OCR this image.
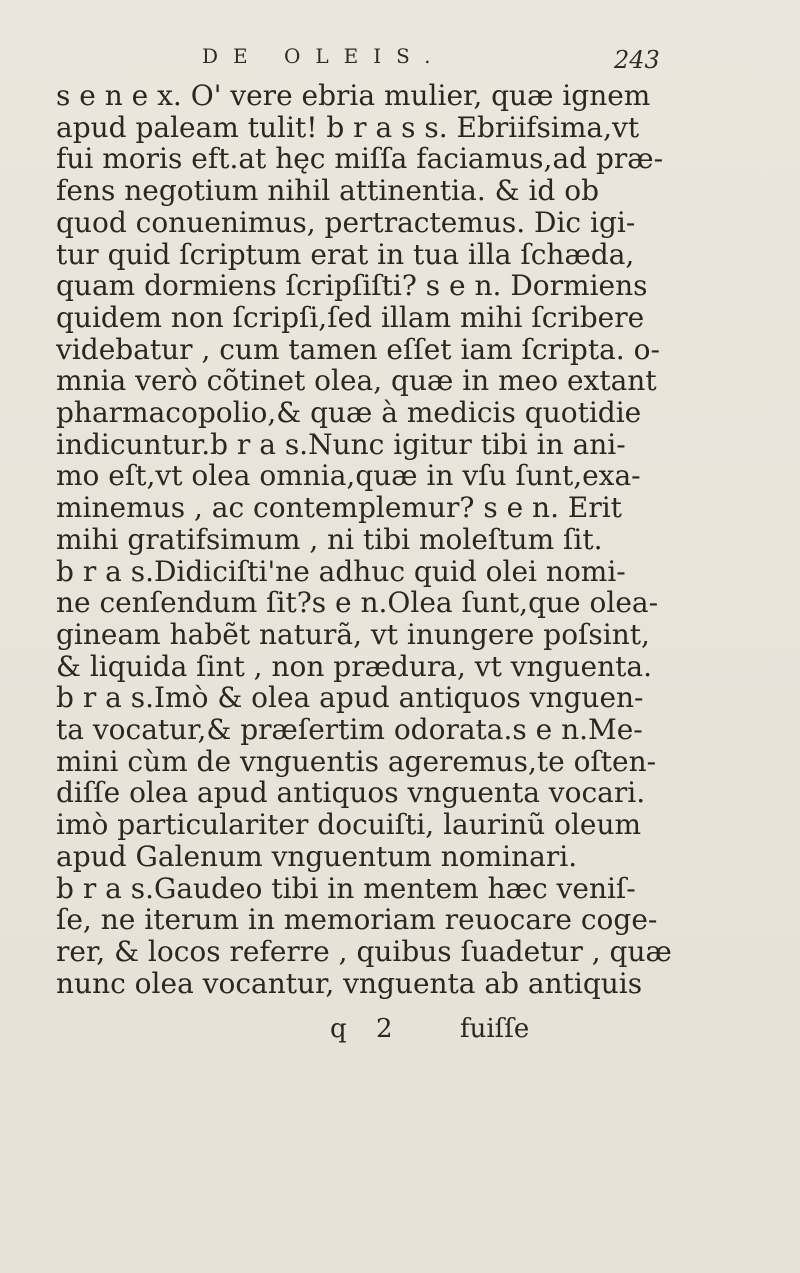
DE OLEIS.	243
s e n e x. O' vere ebria mulier, quæ ignem
apud paleam tulit! b r a s s. Ebriifsima,vt
fui moris eft.at hęc miſſa faciamus,ad præ-
fens negotium nihil attinentia. & id ob
quod conuenimus, pertractemus. Dic igi-
tur quid ſcriptum erat in tua illa ſchæda,
quam dormiens ſcripſiſti? s e n. Dormiens
quidem non ſcripſi,ſed illam mihi ſcribere
videbatur , cum tamen eſſet iam ſcripta. o-
mnia verò cõtinet olea, quæ in meo extant
pharmacopolio,& quæ à medicis quotidie
indicuntur.b r a s.Nunc igitur tibi in ani-
mo eſt,vt olea omnia,quæ in vſu ſunt,exa-
minemus , ac contemplemur? s e n. Erit
mihi gratifsimum , ni tibi moleſtum ſit.
b r a s.Didiciſti'ne adhuc quid olei nomi-
ne cenſendum ſit?s e n.Olea ſunt,que olea-
gineam habẽt naturã, vt inungere poſsint,
& liquida ſint , non prædura, vt vnguenta.
b r a s.Imò & olea apud antiquos vnguen-
ta vocatur,& præſertim odorata.s e n.Me-
mini cùm de vnguentis ageremus,te oſten-
diſſe olea apud antiquos vnguenta vocari.
imò particulariter docuiſti, laurinũ oleum
apud Galenum vnguentum nominari.
b r a s.Gaudeo tibi in mentem hæc veniſ-
ſe, ne iterum in memoriam reuocare coge-
rer, & locos referre , quibus ſuadetur , quæ
nunc olea vocantur, vnguenta ab antiquis
q 2	fuiſſe
